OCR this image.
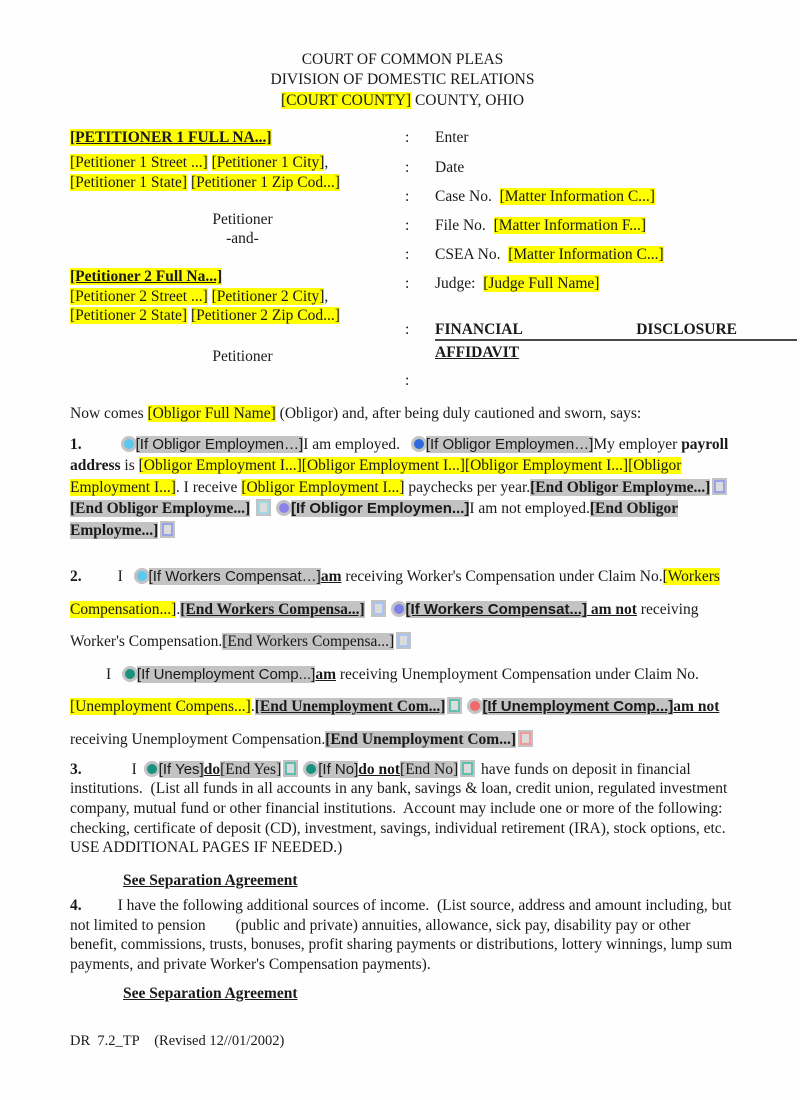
COURT OF COMMON PLEAS
DIVISION OF DOMESTIC RELATIONS
[COURT COUNTY] COUNTY, OHIO
[PETITIONER 1 FULL NA...]
[Petitioner 1 Street ...] [Petitioner 1 City],
[Petitioner 1 State] [Petitioner 1 Zip Cod...]
Petitioner
-and-
[Petitioner 2 Full Na...]
[Petitioner 2 Street ...] [Petitioner 2 City],
[Petitioner 2 State] [Petitioner 2 Zip Cod...]
Petitioner
:	Enter
:	Date
:	Case No.  [Matter Information C...]
:	File No.  [Matter Information F...]
:	CSEA No.  [Matter Information C...]
:	Judge:  [Judge Full Name]
:	FINANCIAL	DISCLOSURE
AFFIDAVIT
:

Now comes [Obligor Full Name] (Obligor) and, after being duly cautioned and sworn, says:

1.	[If Obligor Employmen…]I am employed.  [If Obligor Employmen…]My employer payroll address is [Obligor Employment I...][Obligor Employment I...][Obligor Employment I...][Obligor Employment I...]. I receive [Obligor Employment I...] paychecks per year.[End Obligor Employme...][End Obligor Employme...]	[If Obligor Employmen...]I am not employed.[End Obligor Employme...]

2. I  [If Workers Compensat…]am receiving Worker's Compensation under Claim No.[Workers Compensation...].[End Workers Compensa...]	[If Workers Compensat...] am not receiving Worker's Compensation.[End Workers Compensa...]

I  [If Unemployment Comp...]am receiving Unemployment Compensation under Claim No.[Unemployment Compens...].[End Unemployment Com...] [If Unemployment Comp...]am not receiving Unemployment Compensation.[End Unemployment Com...]

3.	I [If Yes]do[End Yes] [If No]do not[End No] have funds on deposit in financial institutions.  (List all funds in all accounts in any bank, savings & loan, credit union, regulated investment company, mutual fund or other financial institutions.  Account may include one or more of the following:  checking, certificate of deposit (CD), investment, savings, individual retirement (IRA), stock options, etc. USE ADDITIONAL PAGES IF NEEDED.)

See Separation Agreement

4. I have the following additional sources of income.  (List source, address and amount including, but not limited to pension (public and private) annuities, allowance, sick pay, disability pay or other benefit, commissions, trusts, bonuses, profit sharing payments or distributions, lottery winnings, lump sum payments, and private Worker's Compensation payments).

See Separation Agreement
DR  7.2_TP    (Revised 12//01/2002)
